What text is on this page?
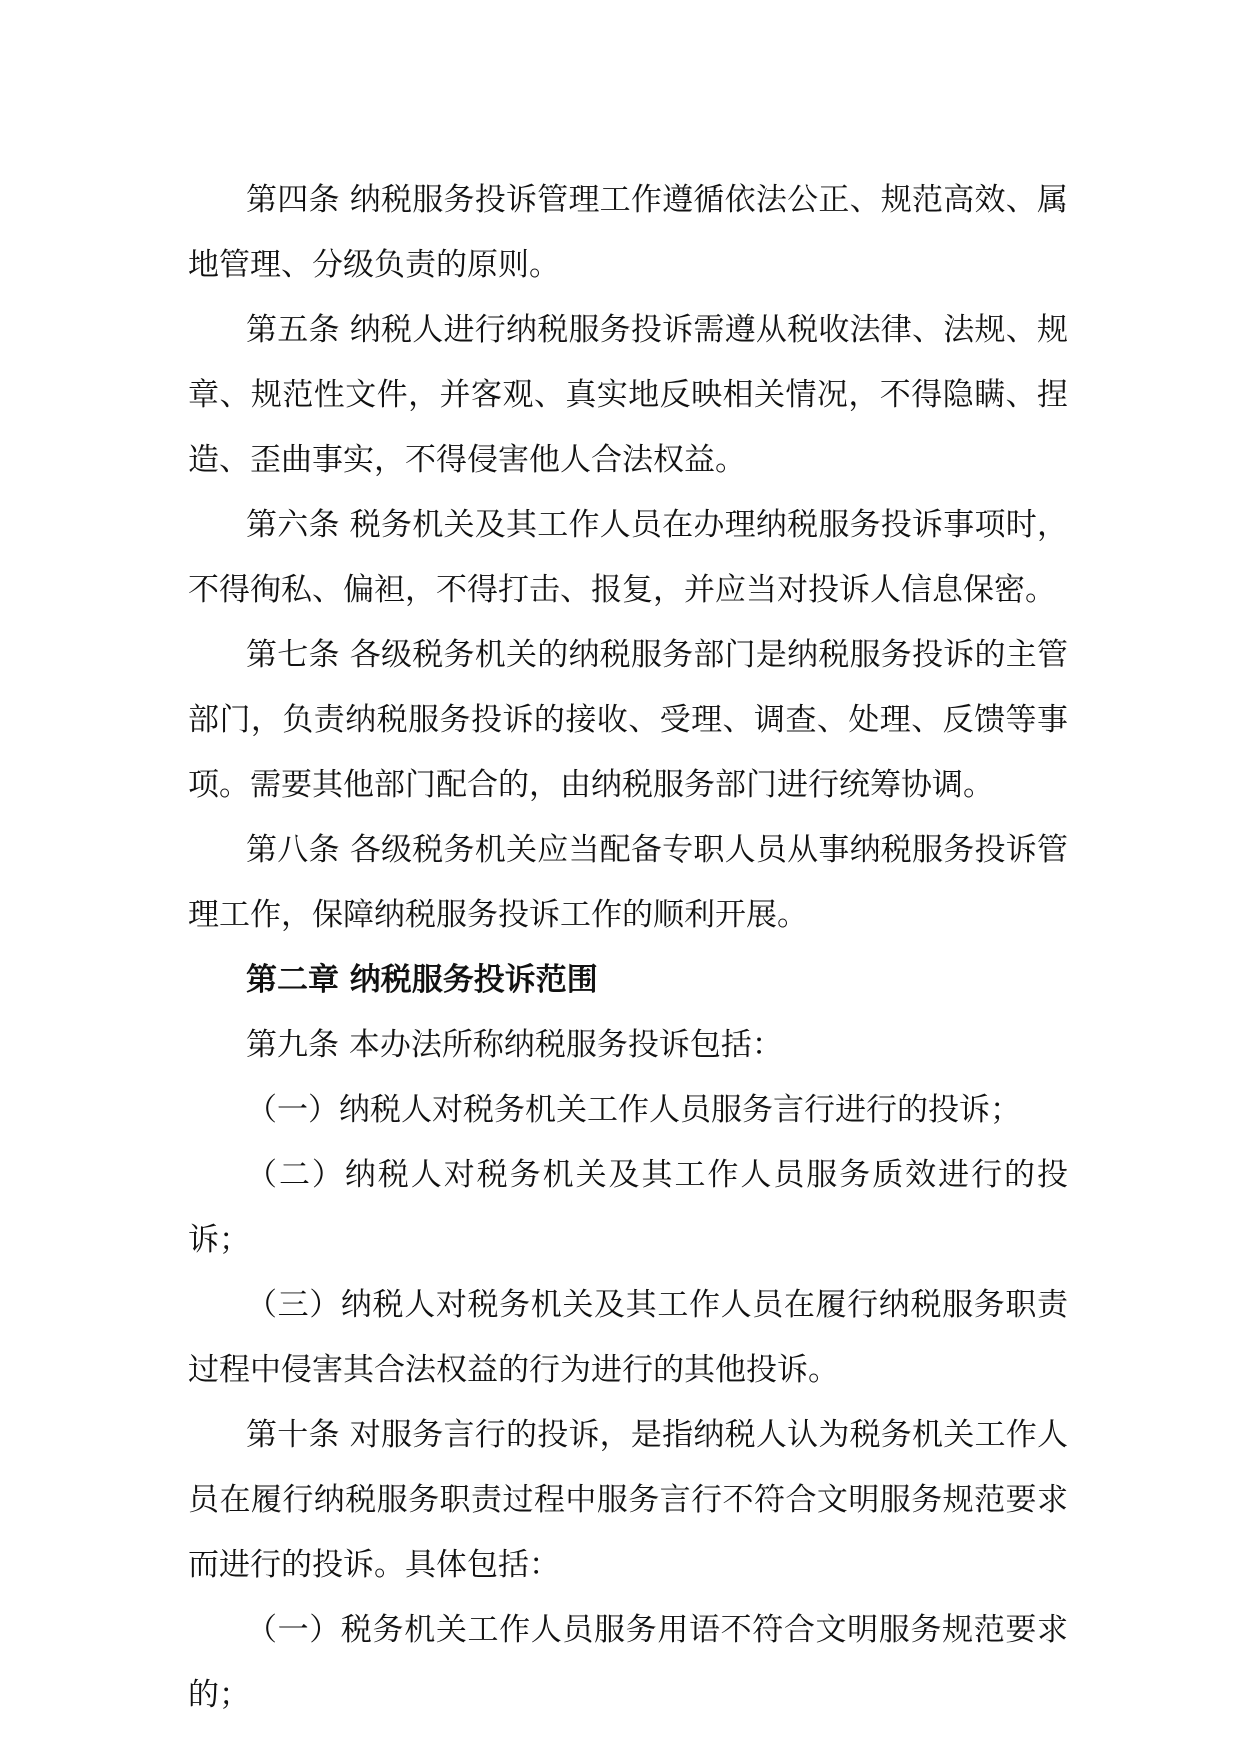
第四条 纳税服务投诉管理工作遵循依法公正、规范高效、属地管理、分级负责的原则。

第五条 纳税人进行纳税服务投诉需遵从税收法律、法规、规章、规范性文件，并客观、真实地反映相关情况，不得隐瞒、捏造、歪曲事实，不得侵害他人合法权益。

第六条 税务机关及其工作人员在办理纳税服务投诉事项时，不得徇私、偏袒，不得打击、报复，并应当对投诉人信息保密。

第七条 各级税务机关的纳税服务部门是纳税服务投诉的主管部门，负责纳税服务投诉的接收、受理、调查、处理、反馈等事项。需要其他部门配合的，由纳税服务部门进行统筹协调。

第八条 各级税务机关应当配备专职人员从事纳税服务投诉管理工作，保障纳税服务投诉工作的顺利开展。

第二章 纳税服务投诉范围

第九条 本办法所称纳税服务投诉包括：

（一）纳税人对税务机关工作人员服务言行进行的投诉；

（二）纳税人对税务机关及其工作人员服务质效进行的投诉；

（三）纳税人对税务机关及其工作人员在履行纳税服务职责过程中侵害其合法权益的行为进行的其他投诉。

第十条 对服务言行的投诉，是指纳税人认为税务机关工作人员在履行纳税服务职责过程中服务言行不符合文明服务规范要求而进行的投诉。具体包括：

（一）税务机关工作人员服务用语不符合文明服务规范要求的；
